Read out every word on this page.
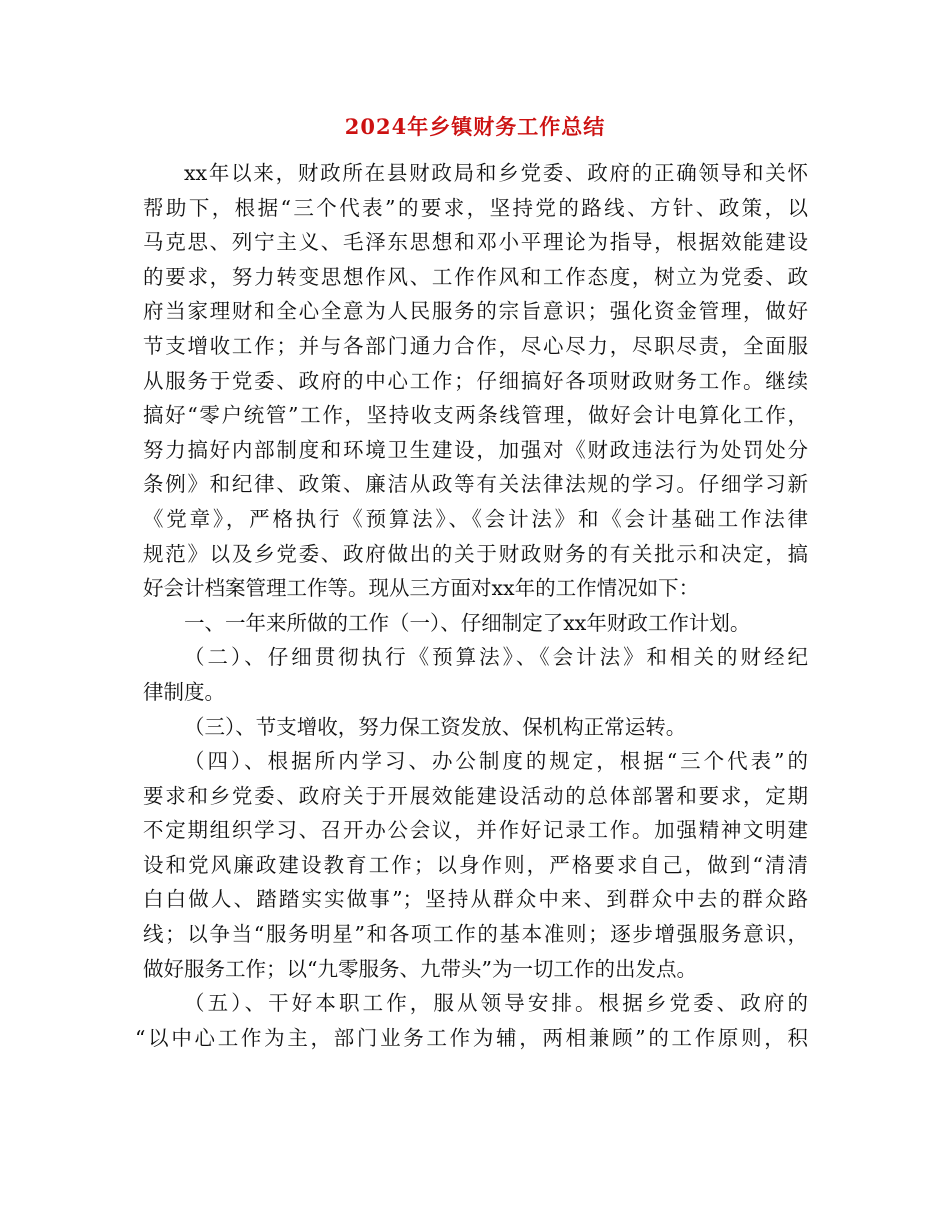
2024年乡镇财务工作总结
xx年以来，财政所在县财政局和乡党委、政府的正确领导和关怀
帮助下，根据“三个代表”的要求，坚持党的路线、方针、政策，以
马克思、列宁主义、毛泽东思想和邓小平理论为指导，根据效能建设
的要求，努力转变思想作风、工作作风和工作态度，树立为党委、政
府当家理财和全心全意为人民服务的宗旨意识；强化资金管理，做好
节支增收工作；并与各部门通力合作，尽心尽力，尽职尽责，全面服
从服务于党委、政府的中心工作；仔细搞好各项财政财务工作。继续
搞好“零户统管”工作，坚持收支两条线管理，做好会计电算化工作，
努力搞好内部制度和环境卫生建设，加强对《财政违法行为处罚处分
条例》和纪律、政策、廉洁从政等有关法律法规的学习。仔细学习新
《党章》，严格执行《预算法》、《会计法》和《会计基础工作法律
规范》以及乡党委、政府做出的关于财政财务的有关批示和决定，搞
好会计档案管理工作等。现从三方面对xx年的工作情况如下：
一、一年来所做的工作（一）、仔细制定了xx年财政工作计划。
（二）、仔细贯彻执行《预算法》、《会计法》和相关的财经纪
律制度。
（三）、节支增收，努力保工资发放、保机构正常运转。
（四）、根据所内学习、办公制度的规定，根据“三个代表”的
要求和乡党委、政府关于开展效能建设活动的总体部署和要求，定期
不定期组织学习、召开办公会议，并作好记录工作。加强精神文明建
设和党风廉政建设教育工作；以身作则，严格要求自己，做到“清清
白白做人、踏踏实实做事”；坚持从群众中来、到群众中去的群众路
线；以争当“服务明星”和各项工作的基本准则；逐步增强服务意识，
做好服务工作；以“九零服务、九带头”为一切工作的出发点。
（五）、干好本职工作，服从领导安排。根据乡党委、政府的
“以中心工作为主，部门业务工作为辅，两相兼顾”的工作原则，积
